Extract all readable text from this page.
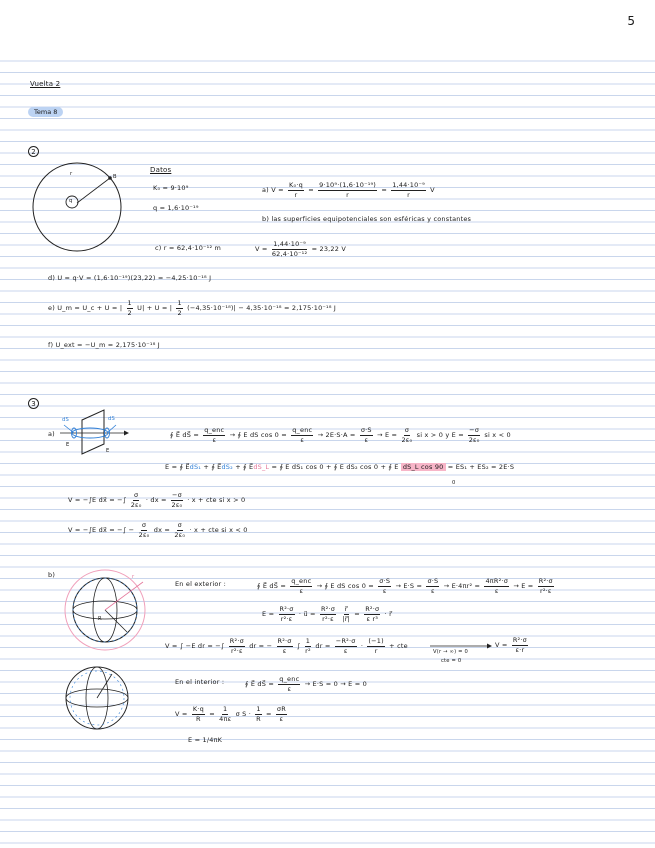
5
Vuelta 2
Tema 8
2
r	B
q
Datos
K₀ = 9·10⁹
q = 1,6·10⁻¹⁹
a) $V = \frac{\text{K₀·q}}{r} = \frac{\text{9·10⁹·(1,6·10⁻¹⁹)}}{r} = \frac{\text{1,44·10⁻⁹}}{r}$ V
b) las superficies equipotenciales son esféricas y constantes
c) r = 62,4·10⁻¹² m	$V = \frac{\text{1,44·10⁻⁹}}{\text{62,4·10⁻¹²}} = 23,22$ V
d) U = q·V = (1,6·10⁻¹⁹)(23,22) = −4,25·10⁻¹⁸ J
e) U_m = U_c + U = | $\frac{1}{2} U| + U$ = | $\frac{1}{2} (-4,35\cdot 10^{-18})| - 4,35\cdot 10^{-18} = 2,175\cdot 10^{-18}$ J
f) U_ext = −U_m = 2,175·10⁻¹⁸ J
3
a)
dS	dS
E
E
∮ E⃗ dS⃗ = $\frac{\text{q\_enc}}{\varepsilon}$ → ∮ E dS $\cos 0 = \frac{\text{q\_enc}}{\varepsilon} \to 2E\cdot S\cdot A = \frac{\sigma\cdot S}{\varepsilon} \to E = \frac{\sigma}{\text{2ε₀}}$ si x > 0 y $E = \frac{-\sigma}{\text{2ε₀}}$ si x < 0
E = ∮ E⃗dS₁ + ∮ E⃗dS₂ + ∮ E⃗dS_L = ∮ E dS₁ cos 0 + ∮ E dS₂ cos 0 + ∮ E dS_L cos 90 = ES₁ + ES₂ = 2E·S
0
V = −∫E dx⃗ = −∫ $\frac{\sigma}{\text{2ε₀}}$ · dx = $\frac{-\sigma}{\text{2ε₀}} \cdot x$ + cte si x > 0
V = −∫E dx⃗ = −∫ − $\frac{\sigma}{\text{2ε₀}}$ dx = $\frac{\sigma}{\text{2ε₀}} \cdot x$ + cte si x < 0
b)
R
r
En el exterior :	∮ E⃗ dS⃗ = $\frac{\text{q\_enc}}{\varepsilon}$ → ∮ E dS $\cos 0 = \frac{\sigma\cdot S}{\varepsilon} \to E\cdot S = \frac{\sigma\cdot S}{\varepsilon} \to E\cdot 4\pi r^2 = \frac{\text{4πR²·σ}}{\varepsilon} \to E = \frac{\text{R²·σ}}{\text{r²·ε}}$
$E = \frac{\text{R²·σ}}{\text{r²·ε}}$ · u⃗ = $\frac{\text{R²·σ}}{\text{r²·ε}}$
$\frac{r⃗}{|r⃗|} = \frac{\text{R²·σ}}{\text{ε r³}}$ · r⃗
V = ∫ −E dr = −∫ $\frac{\text{R²·σ}}{\text{r²·ε}}$ dr = − $\frac{\text{R²·σ}}{\varepsilon}$ ∫ $\frac{1}{\text{r²}}$ dr = $\frac{\text{−R²·σ}}{\varepsilon} \cdot \frac{(-1)}{r}$ + cte
V(r → ∞) = 0
cte = 0
$V = \frac{\text{R²·σ}}{\varepsilon\cdot r}$
En el interior :	∮ E⃗ dS⃗ = $\frac{\text{q\_enc}}{\varepsilon} \to E\cdot S = 0 \to E = 0$
$V = \frac{K\cdot q}{R} = \frac{1}{4\pi\varepsilon}$ σ $S \cdot \frac{1}{R} = \frac{\sigma R}{\varepsilon}$
E = 1/4πK
